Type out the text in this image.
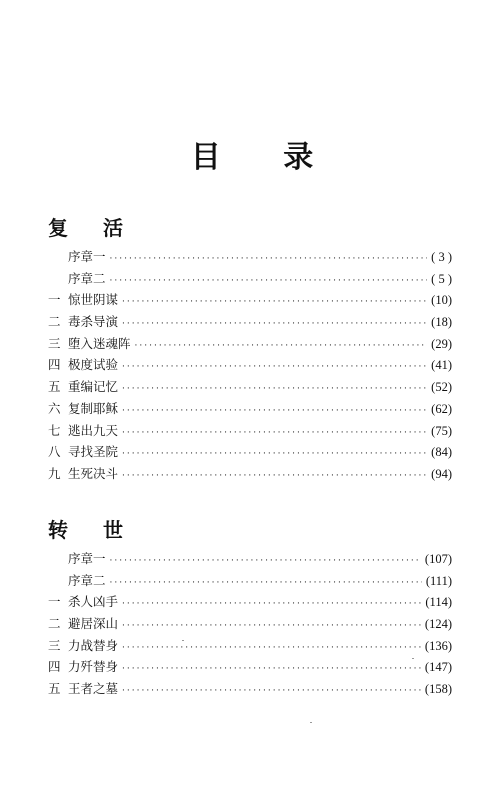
目 录
复 活
序章一 ·····	( 3 )
序章二 ·····	( 5 )
一 惊世阴谋 ·····	(10)
二 毒杀导演 ·····	(18)
三 堕入迷魂阵 ·····	(29)
四 极度试验 ·····	(41)
五 重编记忆 ·····	(52)
六 复制耶稣 ·····	(62)
七 逃出九天 ·····	(75)
八 寻找圣院 ·····	(84)
九 生死决斗 ·····	(94)
转 世
序章一 ·····	(107)
序章二 ·····	(111)
一 杀人凶手 ·····	(114)
二 避居深山 ·····	(124)
三 力战替身 ·····	(136)
四 力歼替身 ·····	(147)
五 王者之墓 ·····	(158)
